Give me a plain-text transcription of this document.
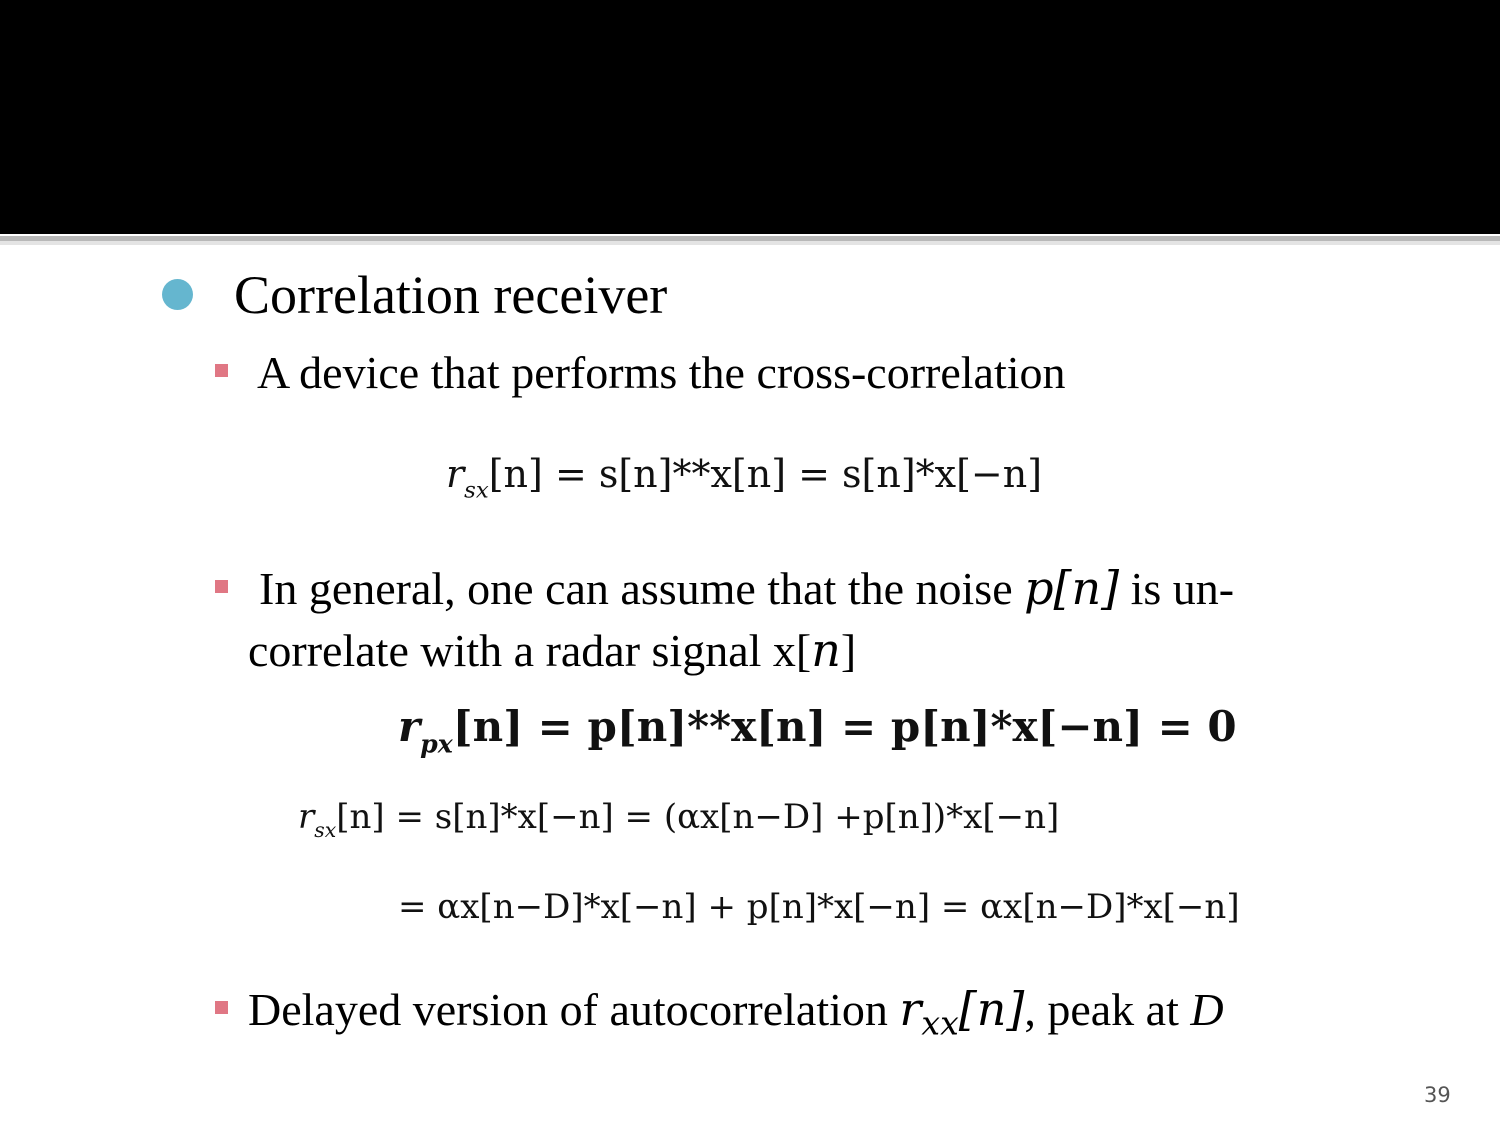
Correlation receiver
A device that performs the cross-correlation
$r_{sx}[n] = s[n]**x[n] = s[n]*x[-n]$
In general, one can assume that the noise p[n] is un-
correlate with a radar signal x[n]
$r_{px}[n] = p[n]**x[n] = p[n]*x[-n] = 0$
$r_{sx}[n] = s[n]*x[-n] = (\alpha x[n-D] +p[n])*x[-n]$
= αx[n−D]*x[−n] + p[n]*x[−n] = αx[n−D]*x[−n]
Delayed version of autocorrelation $r_{xx}[n]$, peak at D
39
